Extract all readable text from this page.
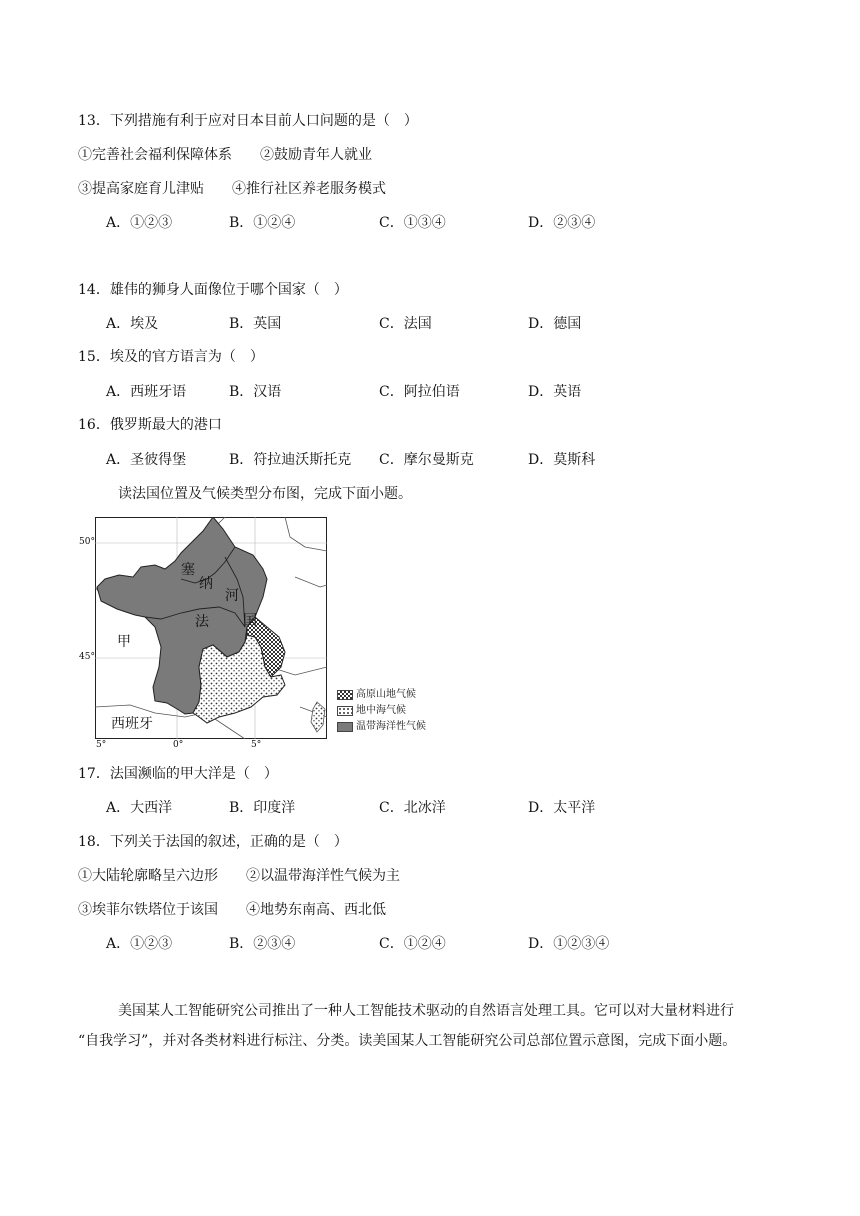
13．下列措施有利于应对日本目前人口问题的是（　）
①完善社会福利保障体系　　②鼓励青年人就业
③提高家庭育儿津贴　　④推行社区养老服务模式
A．①②③	B．①②④	C．①③④	D．②③④
14．雄伟的狮身人面像位于哪个国家（　）
A．埃及	B．英国	C．法国	D．德国
15．埃及的官方语言为（　）
A．西班牙语	B．汉语	C．阿拉伯语	D．英语
16．俄罗斯最大的港口
A．圣彼得堡	B．符拉迪沃斯托克 C．摩尔曼斯克	D．莫斯科
读法国位置及气候类型分布图，完成下面小题。
塞
纳
河
法 国
甲
西班牙
50°
45°
5°	0°	5°
高原山地气候
地中海气候
温带海洋性气候
17．法国濒临的甲大洋是（　）
A．大西洋	B．印度洋	C．北冰洋	D．太平洋
18．下列关于法国的叙述，正确的是（　）
①大陆轮廓略呈六边形　　②以温带海洋性气候为主
③埃菲尔铁塔位于该国　　④地势东南高、西北低
A．①②③	B．②③④	C．①②④	D．①②③④
美国某人工智能研究公司推出了一种人工智能技术驱动的自然语言处理工具。它可以对大量材料进行
“自我学习”，并对各类材料进行标注、分类。读美国某人工智能研究公司总部位置示意图，完成下面小题。
